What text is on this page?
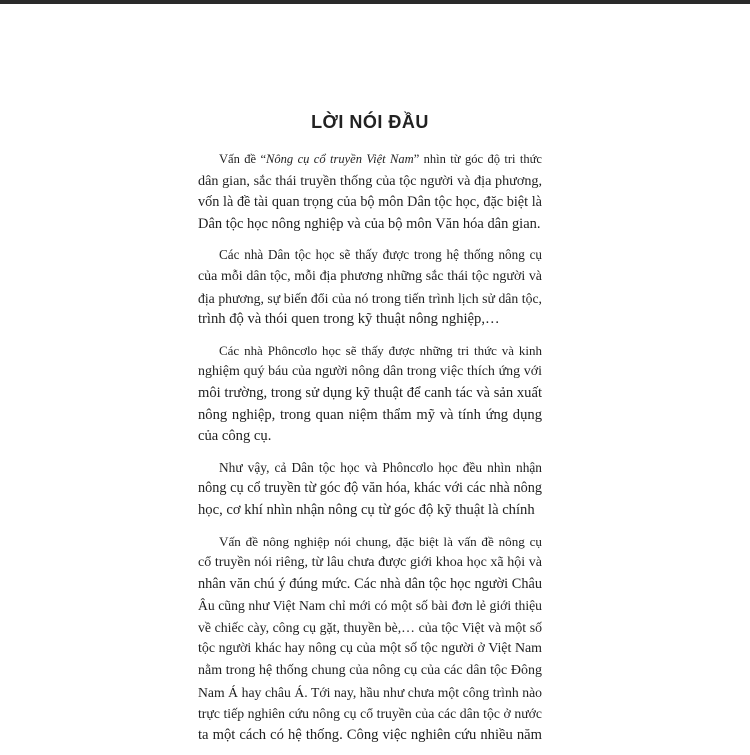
LỜI NÓI ĐẦU

Vấn đề “Nông cụ cổ truyền Việt Nam” nhìn từ góc độ tri thức
dân gian, sắc thái truyền thống của tộc người và địa phương,
vốn là đề tài quan trọng của bộ môn Dân tộc học, đặc biệt là
Dân tộc học nông nghiệp và của bộ môn Văn hóa dân gian.

Các nhà Dân tộc học sẽ thấy được trong hệ thống nông cụ
của mỗi dân tộc, mỗi địa phương những sắc thái tộc người và
địa phương, sự biến đổi của nó trong tiến trình lịch sử dân tộc,
trình độ và thói quen trong kỹ thuật nông nghiệp,…

Các nhà Phôncơlo học sẽ thấy được những tri thức và kinh
nghiệm quý báu của người nông dân trong việc thích ứng với
môi trường, trong sử dụng kỹ thuật để canh tác và sản xuất
nông nghiệp, trong quan niệm thẩm mỹ và tính ứng dụng
của công cụ.

Như vậy, cả Dân tộc học và Phôncơlo học đều nhìn nhận
nông cụ cổ truyền từ góc độ văn hóa, khác với các nhà nông
học, cơ khí nhìn nhận nông cụ từ góc độ kỹ thuật là chính

Vấn đề nông nghiệp nói chung, đặc biệt là vấn đề nông cụ
cổ truyền nói riêng, từ lâu chưa được giới khoa học xã hội và
nhân văn chú ý đúng mức. Các nhà dân tộc học người Châu
Âu cũng như Việt Nam chỉ mới có một số bài đơn lẻ giới thiệu
về chiếc cày, công cụ gặt, thuyền bè,… của tộc Việt và một số
tộc người khác hay nông cụ của một số tộc người ở Việt Nam
nằm trong hệ thống chung của nông cụ của các dân tộc Đông
Nam Á hay châu Á. Tới nay, hầu như chưa một công trình nào
trực tiếp nghiên cứu nông cụ cổ truyền của các dân tộc ở nước
ta một cách có hệ thống. Công việc nghiên cứu nhiều năm
